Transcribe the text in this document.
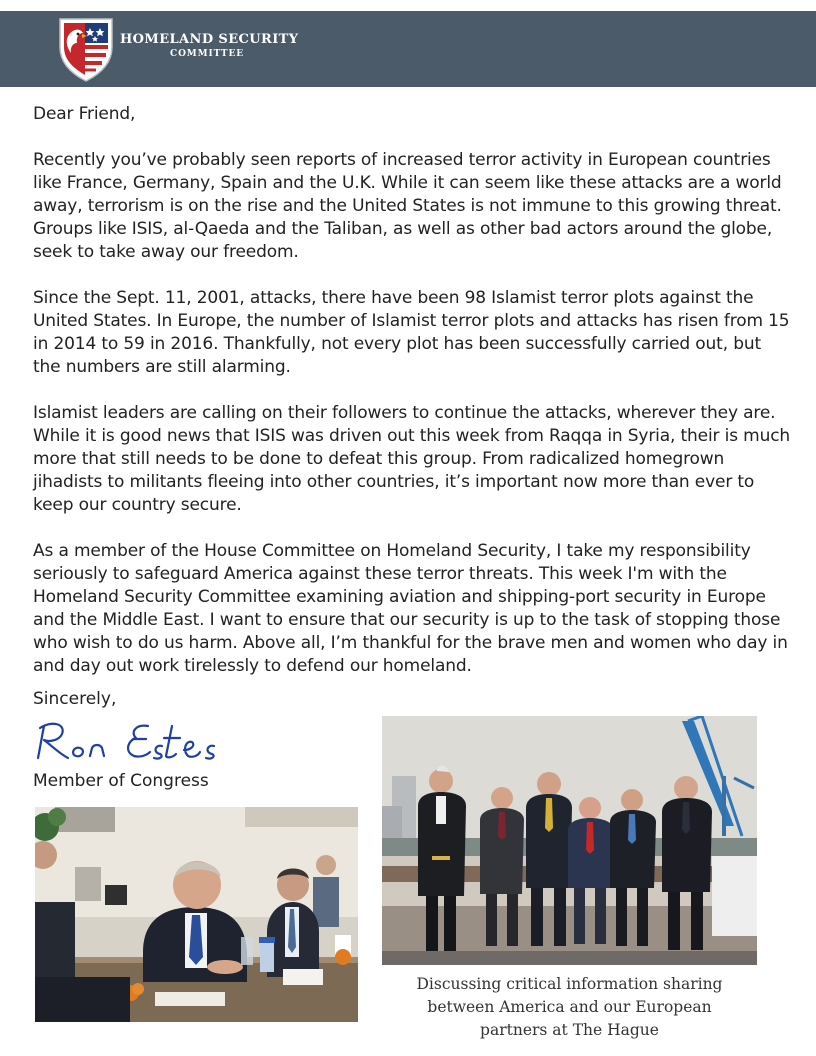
HOMELAND SECURITY
COMMITTEE

Dear Friend,

Recently you’ve probably seen reports of increased terror activity in European countries like France, Germany, Spain and the U.K. While it can seem like these attacks are a world away, terrorism is on the rise and the United States is not immune to this growing threat. Groups like ISIS, al-Qaeda and the Taliban, as well as other bad actors around the globe, seek to take away our freedom.

Since the Sept. 11, 2001, attacks, there have been 98 Islamist terror plots against the United States. In Europe, the number of Islamist terror plots and attacks has risen from 15 in 2014 to 59 in 2016. Thankfully, not every plot has been successfully carried out, but the numbers are still alarming.

Islamist leaders are calling on their followers to continue the attacks, wherever they are. While it is good news that ISIS was driven out this week from Raqqa in Syria, their is much more that still needs to be done to defeat this group. From radicalized homegrown jihadists to militants fleeing into other countries, it’s important now more than ever to keep our country secure.

As a member of the House Committee on Homeland Security, I take my responsibility seriously to safeguard America against these terror threats. This week I'm with the Homeland Security Committee examining aviation and shipping-port security in Europe and the Middle East. I want to ensure that our security is up to the task of stopping those who wish to do us harm. Above all, I’m thankful for the brave men and women who day in and day out work tirelessly to defend our homeland.

Sincerely,
Member of Congress
Discussing critical information sharing
between America and our European
partners at The Hague
